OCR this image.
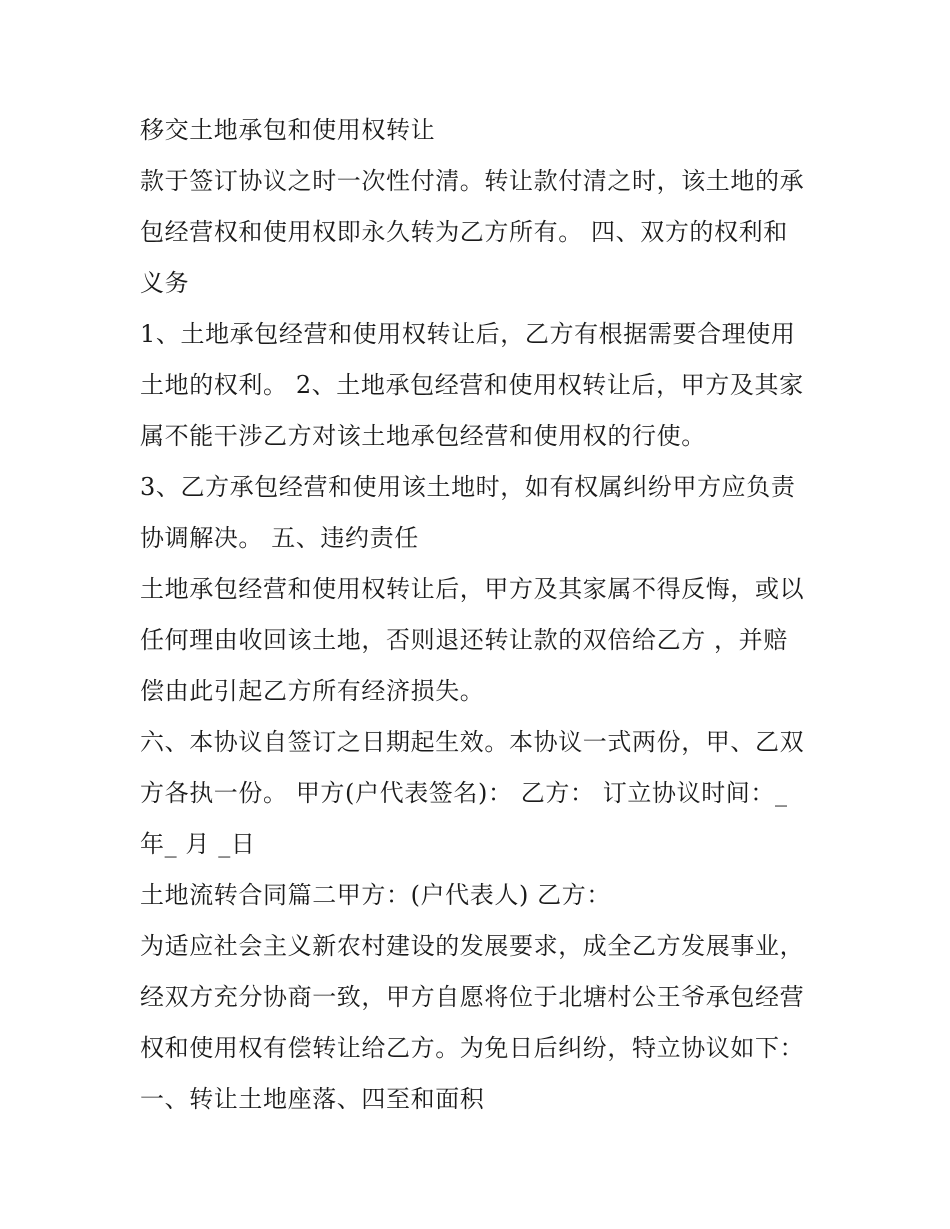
移交土地承包和使用权转让
款于签订协议之时一次性付清。转让款付清之时，该土地的承
包经营权和使用权即永久转为乙方所有。 四、双方的权利和
义务
1、土地承包经营和使用权转让后，乙方有根据需要合理使用
土地的权利。 2、土地承包经营和使用权转让后，甲方及其家
属不能干涉乙方对该土地承包经营和使用权的行使。
3、乙方承包经营和使用该土地时，如有权属纠纷甲方应负责
协调解决。 五、违约责任
土地承包经营和使用权转让后，甲方及其家属不得反悔，或以
任何理由收回该土地，否则退还转让款的双倍给乙方 ，并赔
偿由此引起乙方所有经济损失。
六、本协议自签订之日期起生效。本协议一式两份，甲、乙双
方各执一份。 甲方(户代表签名)： 乙方： 订立协议时间：_
年_ 月 _日
土地流转合同篇二甲方：(户代表人) 乙方：
为适应社会主义新农村建设的发展要求，成全乙方发展事业，
经双方充分协商一致，甲方自愿将位于北塘村公王爷承包经营
权和使用权有偿转让给乙方。为免日后纠纷，特立协议如下：
一、转让土地座落、四至和面积
